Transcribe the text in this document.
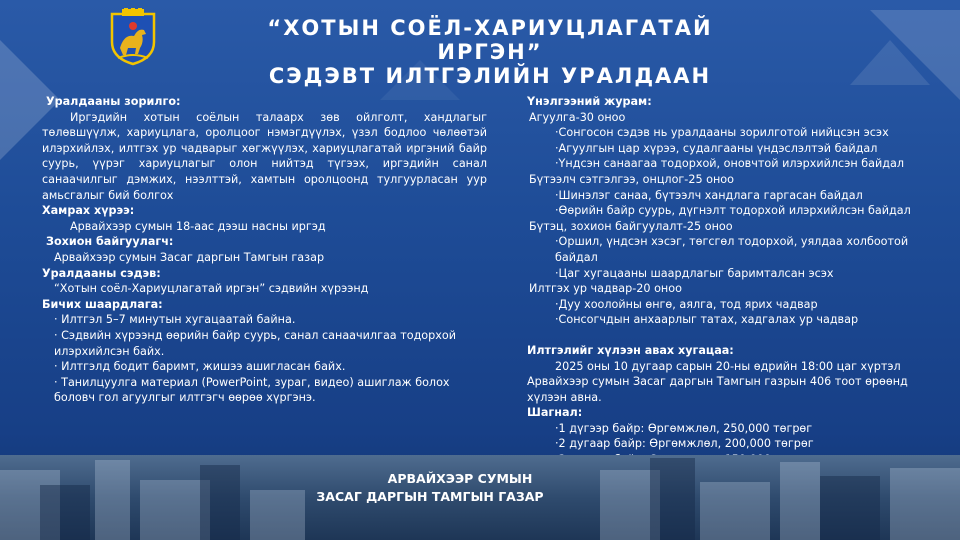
“ХОТЫН СОЁЛ-ХАРИУЦЛАГАТАЙ ИРГЭН”
СЭДЭВТ ИЛТГЭЛИЙН УРАЛДААН
Уралдааны зорилго:
Иргэдийн хотын соёлын талаарх зөв ойлголт, хандлагыг төлөвшүүлж, хариуцлага, оролцоог нэмэгдүүлэх, үзэл бодлоо чөлөөтэй илэрхийлэх, илтгэх ур чадварыг хөгжүүлэх, хариуцлагатай иргэний байр суурь, үүрэг хариуцлагыг олон нийтэд түгээх, иргэдийн санал санаачилгыг дэмжих, нээлттэй, хамтын оролцоонд тулгуурласан уур амьсгалыг бий болгох
Хамрах хүрээ:
Арвайхээр сумын 18-аас дээш насны иргэд
Зохион байгуулагч:
Арвайхээр сумын Засаг даргын Тамгын газар
Уралдааны сэдэв:
“Хотын соёл-Хариуцлагатай иргэн” сэдвийн хүрээнд
Бичих шаардлага:
· Илтгэл 5–7 минутын хугацаатай байна.
· Сэдвийн хүрээнд өөрийн байр суурь, санал санаачилгаа тодорхой илэрхийлсэн байх.
· Илтгэлд бодит баримт, жишээ ашигласан байх.
· Танилцуулга материал (PowerPoint, зураг, видео) ашиглаж болох боловч гол агуулгыг илтгэгч өөрөө хүргэнэ.
Үнэлгээний журам:
Агуулга-30 оноо
·Сонгосон сэдэв нь уралдааны зорилготой нийцсэн эсэх
·Агуулгын цар хүрээ, судалгааны үндэслэлтэй байдал
·Үндсэн санаагаа тодорхой, оновчтой илэрхийлсэн байдал
Бүтээлч сэтгэлгээ, онцлог-25 оноо
·Шинэлэг санаа, бүтээлч хандлага гаргасан байдал
·Өөрийн байр суурь, дүгнэлт тодорхой илэрхийлсэн байдал
Бүтэц, зохион байгуулалт-25 оноо
·Оршил, үндсэн хэсэг, төгсгөл тодорхой, уялдаа холбоотой байдал
·Цаг хугацааны шаардлагыг баримталсан эсэх
Илтгэх ур чадвар-20 оноо
·Дуу хоолойны өнгө, аялга, тод ярих чадвар
·Сонсогчдын анхаарлыг татах, хадгалах ур чадвар
Илтгэлийг хүлээн авах хугацаа:
2025 оны 10 дугаар сарын 20-ны өдрийн 18:00 цаг хүртэл Арвайхээр сумын Засаг даргын Тамгын газрын 406 тоот өрөөнд хүлээн авна.
Шагнал:
·1 дүгээр байр: Өргөмжлөл, 250,000 төгрөг
·2 дугаар байр: Өргөмжлөл, 200,000 төгрөг
АРВАЙХЭЭР СУМЫН
ЗАСАГ ДАРГЫН ТАМГЫН ГАЗАР
